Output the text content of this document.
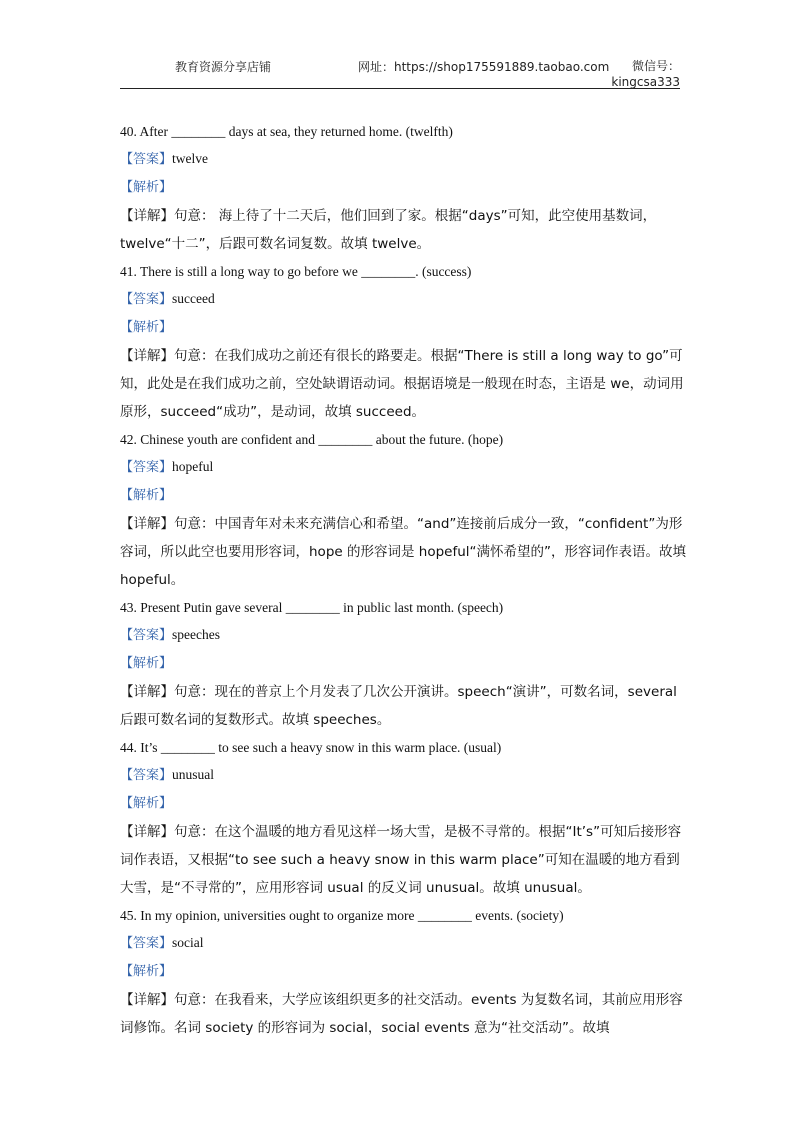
教育资源分享店铺	网址：https://shop175591889.taobao.com	微信号：
kingcsa333
40. After ________ days at sea, they returned home. (twelfth)
【答案】twelve
【解析】
【详解】句意： 海上待了十二天后，他们回到了家。根据“days”可知，此空使用基数词，twelve“十二”，后跟可数名词复数。故填 twelve。
41. There is still a long way to go before we ________. (success)
【答案】succeed
【解析】
【详解】句意：在我们成功之前还有很长的路要走。根据“There is still a long way to go”可知，此处是在我们成功之前，空处缺谓语动词。根据语境是一般现在时态，主语是 we，动词用原形，succeed“成功”，是动词，故填 succeed。
42. Chinese youth are confident and ________ about the future. (hope)
【答案】hopeful
【解析】
【详解】句意：中国青年对未来充满信心和希望。“and”连接前后成分一致，“confident”为形容词，所以此空也要用形容词，hope 的形容词是 hopeful“满怀希望的”，形容词作表语。故填 hopeful。
43. Present Putin gave several ________ in public last month. (speech)
【答案】speeches
【解析】
【详解】句意：现在的普京上个月发表了几次公开演讲。speech“演讲”，可数名词，several 后跟可数名词的复数形式。故填 speeches。
44. It’s ________ to see such a heavy snow in this warm place. (usual)
【答案】unusual
【解析】
【详解】句意：在这个温暖的地方看见这样一场大雪，是极不寻常的。根据“It’s”可知后接形容词作表语，又根据“to see such a heavy snow in this warm place”可知在温暖的地方看到大雪，是“不寻常的”，应用形容词 usual 的反义词 unusual。故填 unusual。
45. In my opinion, universities ought to organize more ________ events. (society)
【答案】social
【解析】
【详解】句意：在我看来，大学应该组织更多的社交活动。events 为复数名词，其前应用形容词修饰。名词 society 的形容词为 social，social events 意为“社交活动”。故填
